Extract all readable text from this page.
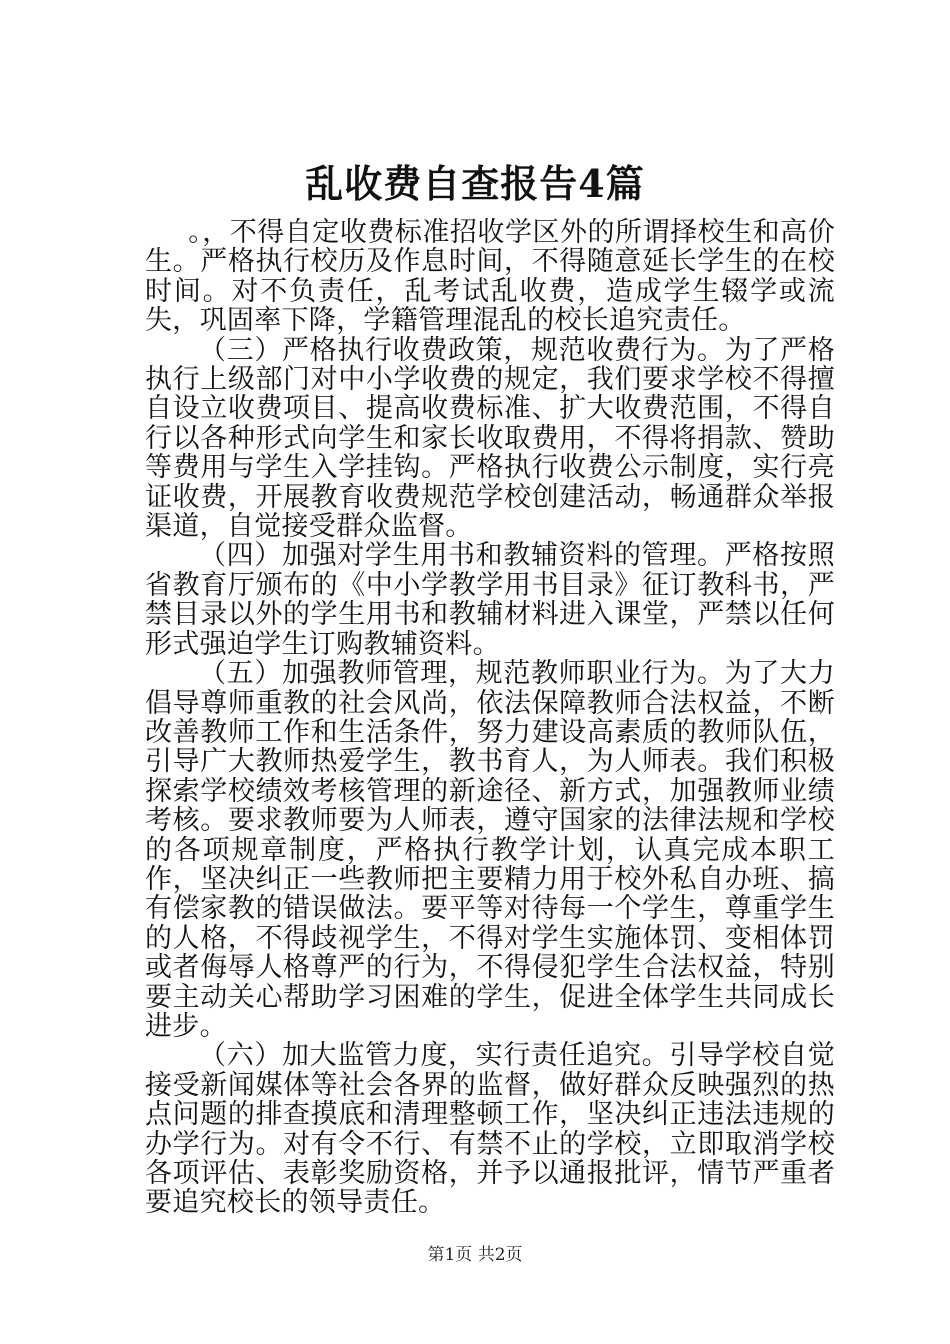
乱收费自查报告4篇

。，不得自定收费标准招收学区外的所谓择校生和高价生。严格执行校历及作息时间，不得随意延长学生的在校时间。对不负责任，乱考试乱收费，造成学生辍学或流失，巩固率下降，学籍管理混乱的校长追究责任。

（三）严格执行收费政策，规范收费行为。为了严格执行上级部门对中小学收费的规定，我们要求学校不得擅自设立收费项目、提高收费标准、扩大收费范围，不得自行以各种形式向学生和家长收取费用，不得将捐款、赞助等费用与学生入学挂钩。严格执行收费公示制度，实行亮证收费，开展教育收费规范学校创建活动，畅通群众举报渠道，自觉接受群众监督。

（四）加强对学生用书和教辅资料的管理。严格按照省教育厅颁布的《中小学教学用书目录》征订教科书，严禁目录以外的学生用书和教辅材料进入课堂，严禁以任何形式强迫学生订购教辅资料。

（五）加强教师管理，规范教师职业行为。为了大力倡导尊师重教的社会风尚，依法保障教师合法权益，不断改善教师工作和生活条件，努力建设高素质的教师队伍，引导广大教师热爱学生，教书育人，为人师表。我们积极探索学校绩效考核管理的新途径、新方式，加强教师业绩考核。要求教师要为人师表，遵守国家的法律法规和学校的各项规章制度，严格执行教学计划，认真完成本职工作，坚决纠正一些教师把主要精力用于校外私自办班、搞有偿家教的错误做法。要平等对待每一个学生，尊重学生的人格，不得歧视学生，不得对学生实施体罚、变相体罚或者侮辱人格尊严的行为，不得侵犯学生合法权益，特别要主动关心帮助学习困难的学生，促进全体学生共同成长进步。

（六）加大监管力度，实行责任追究。引导学校自觉接受新闻媒体等社会各界的监督，做好群众反映强烈的热点问题的排查摸底和清理整顿工作，坚决纠正违法违规的办学行为。对有令不行、有禁不止的学校，立即取消学校各项评估、表彰奖励资格，并予以通报批评，情节严重者要追究校长的领导责任。

第1页 共2页
